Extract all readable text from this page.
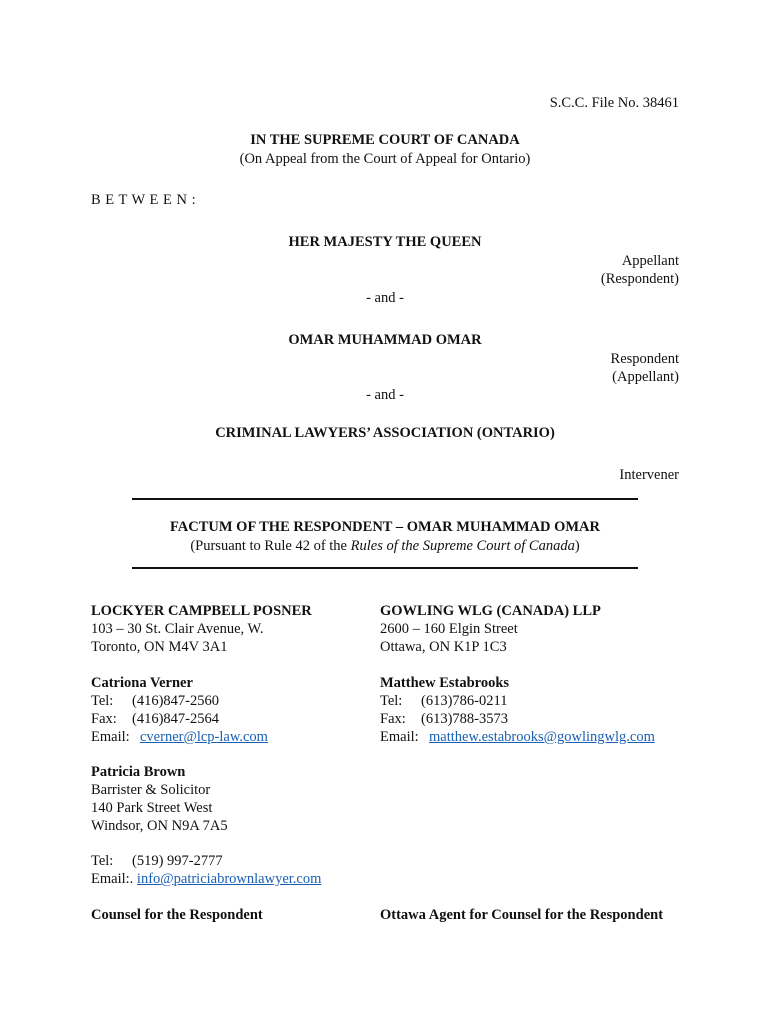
S.C.C. File No. 38461
IN THE SUPREME COURT OF CANADA
(On Appeal from the Court of Appeal for Ontario)
B E T W E E N :
HER MAJESTY THE QUEEN
Appellant
(Respondent)
- and -
OMAR MUHAMMAD OMAR
Respondent
(Appellant)
- and -
CRIMINAL LAWYERS’ ASSOCIATION (ONTARIO)
Intervener
FACTUM OF THE RESPONDENT – OMAR MUHAMMAD OMAR
(Pursuant to Rule 42 of the Rules of the Supreme Court of Canada)
LOCKYER CAMPBELL POSNER
103 – 30 St. Clair Avenue, W.
Toronto, ON M4V 3A1
Catriona Verner
Tel: (416)847-2560
Fax: (416)847-2564
Email: cverner@lcp-law.com
Patricia Brown
Barrister & Solicitor
140 Park Street West
Windsor, ON N9A 7A5
Tel: (519) 997-2777
Email:. info@patriciabrownlawyer.com
Counsel for the Respondent
GOWLING WLG (CANADA) LLP
2600 – 160 Elgin Street
Ottawa, ON K1P 1C3
Matthew Estabrooks
Tel: (613)786-0211
Fax: (613)788-3573
Email: matthew.estabrooks@gowlingwlg.com
Ottawa Agent for Counsel for the Respondent
